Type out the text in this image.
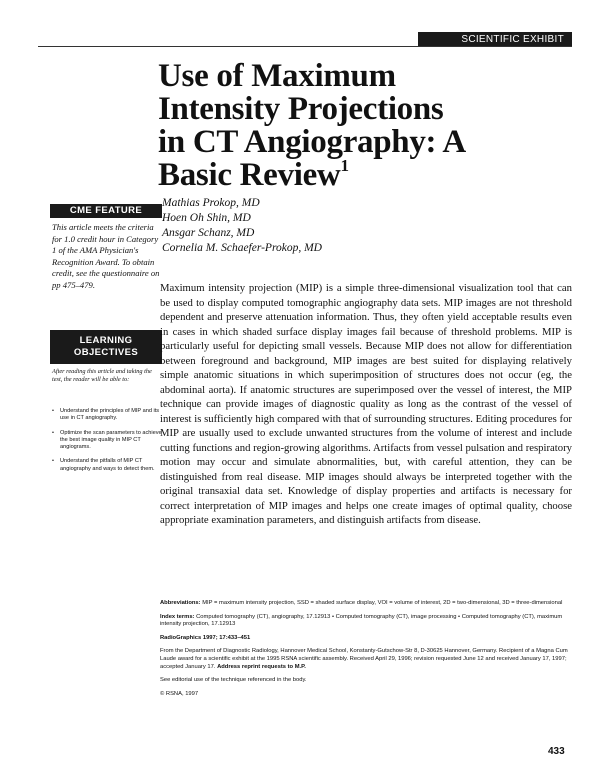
SCIENTIFIC EXHIBIT
Use of Maximum
Intensity Projections
in CT Angiography: A
Basic Review$^1$
Mathias Prokop, MD
Hoen Oh Shin, MD
Ansgar Schanz, MD
Cornelia M. Schaefer-Prokop, MD
CME FEATURE
This article meets the criteria for 1.0 credit hour in Category 1 of the AMA Physician's Recognition Award. To obtain credit, see the questionnaire on pp 475–479.
LEARNING
OBJECTIVES
After reading this article and taking the test, the reader will be able to:
• Understand the principles of MIP and its use in CT angiography.
• Optimize the scan parameters to achieve the best image quality in MIP CT angiograms.
• Understand the pitfalls of MIP CT angiography and ways to detect them.

Maximum intensity projection (MIP) is a simple three-dimensional visualization tool that can be used to display computed tomographic angiography data sets. MIP images are not threshold dependent and preserve attenuation information. Thus, they often yield acceptable results even in cases in which shaded surface display images fail because of threshold problems. MIP is particularly useful for depicting small vessels. Because MIP does not allow for differentiation between foreground and background, MIP images are best suited for displaying relatively simple anatomic situations in which superimposition of structures does not occur (eg, the abdominal aorta). If anatomic structures are superimposed over the vessel of interest, the MIP technique can provide images of diagnostic quality as long as the contrast of the vessel of interest is sufficiently high compared with that of surrounding structures. Editing procedures for MIP are usually used to exclude unwanted structures from the volume of interest and include cutting functions and region-growing algorithms. Artifacts from vessel pulsation and respiratory motion may occur and simulate abnormalities, but, with careful attention, they can be distinguished from real disease. MIP images should always be interpreted together with the original transaxial data set. Knowledge of display properties and artifacts is necessary for correct interpretation of MIP images and helps one create images of optimal quality, choose appropriate examination parameters, and distinguish artifacts from disease.

Abbreviations: MIP = maximum intensity projection, SSD = shaded surface display, VOI = volume of interest, 2D = two-dimensional, 3D = three-dimensional

Index terms: Computed tomography (CT), angiography, 17.12913 • Computed tomography (CT), image processing • Computed tomography (CT), maximum intensity projection, 17.12913

RadioGraphics 1997; 17:433–451

From the Department of Diagnostic Radiology, Hannover Medical School, Konstanty-Gutschow-Str 8, D-30625 Hannover, Germany. Recipient of a Magna Cum Laude award for a scientific exhibit at the 1995 RSNA scientific assembly. Received April 29, 1996; revision requested June 12 and received January 17, 1997; accepted January 17. Address reprint requests to M.P.

See editorial use of the technique referenced in the body.

© RSNA, 1997

433
